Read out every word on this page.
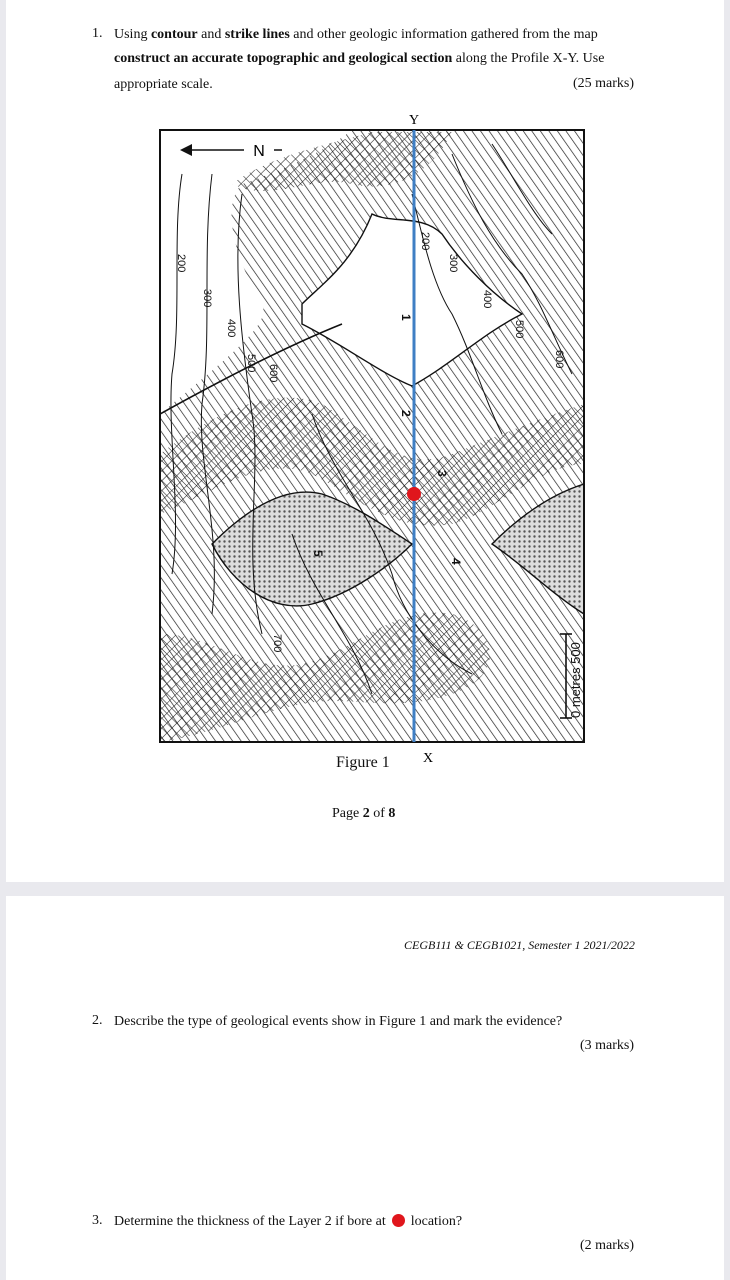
1. Using contour and strike lines and other geologic information gathered from the map
construct an accurate topographic and geological section along the Profile X-Y. Use
appropriate scale.	(25 marks)
N
200
300
400
500
600
700
200
300
400
500
600
1
2
3
4
5
0 metres 500
Y
X
Figure 1
Page 2 of 8
CEGB111 & CEGB1021, Semester 1 2021/2022
2. Describe the type of geological events show in Figure 1 and mark the evidence?
(3 marks)
3. Determine the thickness of the Layer 2 if bore at location?
(2 marks)
